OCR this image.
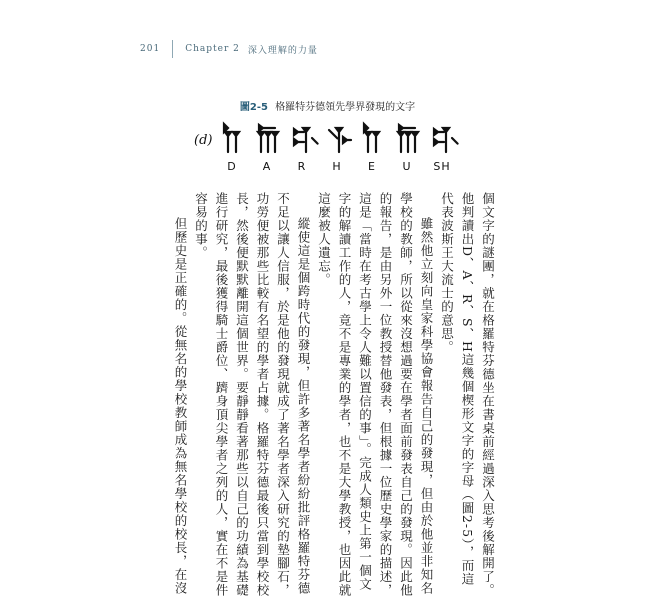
201	Chapter 2 深入理解的力量
圖2-5 格羅特芬德領先學界發現的文字
(d)
D A R H E U SH
個文字的謎團，就在格羅特芬德坐在書桌前經過深入思考後解開了。
他判讀出D、A、R、S、H這幾個楔形文字的字母（圖2-5），而這
代表波斯王大流士的意思。
雖然他立刻向皇家科學協會報告自己的發現，但由於他並非知名
學校的教師，所以從來沒想過要在學者面前發表自己的發現。因此他
的報告，是由另外一位教授替他發表，但根據一位歷史學家的描述，
這是「當時在考古學上令人難以置信的事」。完成人類史上第一個文
字的解讀工作的人，竟不是專業的學者，也不是大學教授，也因此就
這麼被人遺忘。
縱使這是個跨時代的發現，但許多著名學者紛紛批評格羅特芬德
不足以讓人信服，於是他的發現就成了著名學者深入研究的墊腳石，
功勞便被那些比較有名望的學者占據。格羅特芬德最後只當到學校校
長，然後便默默離開這個世界。要靜靜看著那些以自己的功績為基礎
進行研究，最後獲得騎士爵位、躋身頂尖學者之列的人，實在不是件
容易的事。
但歷史是正確的。從無名的學校教師成為無名學校的校長，在沒
